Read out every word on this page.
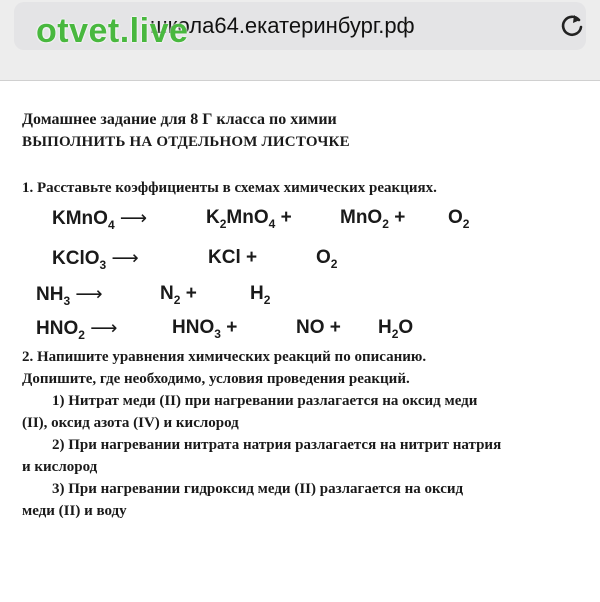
школа64.екатеринбург.рф
otvet.live
Домашнее задание для 8 Г класса по химии
ВЫПОЛНИТЬ НА ОТДЕЛЬНОМ ЛИСТОЧКЕ
1. Расставьте коэффициенты в схемах химических реакциях.
KMnO$_4$ ⟶	$K_2MnO_4$ +	$MnO_2 + O_2$
KClO$_3$ ⟶	KCl +	$O_2$
$NH_3$ ⟶	$N_2$ +	$H_2$
$HNO_2$ ⟶	$HNO_3$ +	NO + $H_2O$
2. Напишите уравнения химических реакций по описанию.
Допишите, где необходимо, условия проведения реакций.
1) Нитрат меди (II) при нагревании разлагается на оксид меди
(II), оксид азота (IV) и кислород
2) При нагревании нитрата натрия разлагается на нитрит натрия
и кислород
3) При нагревании гидроксид меди (II) разлагается на оксид
меди (II) и воду
